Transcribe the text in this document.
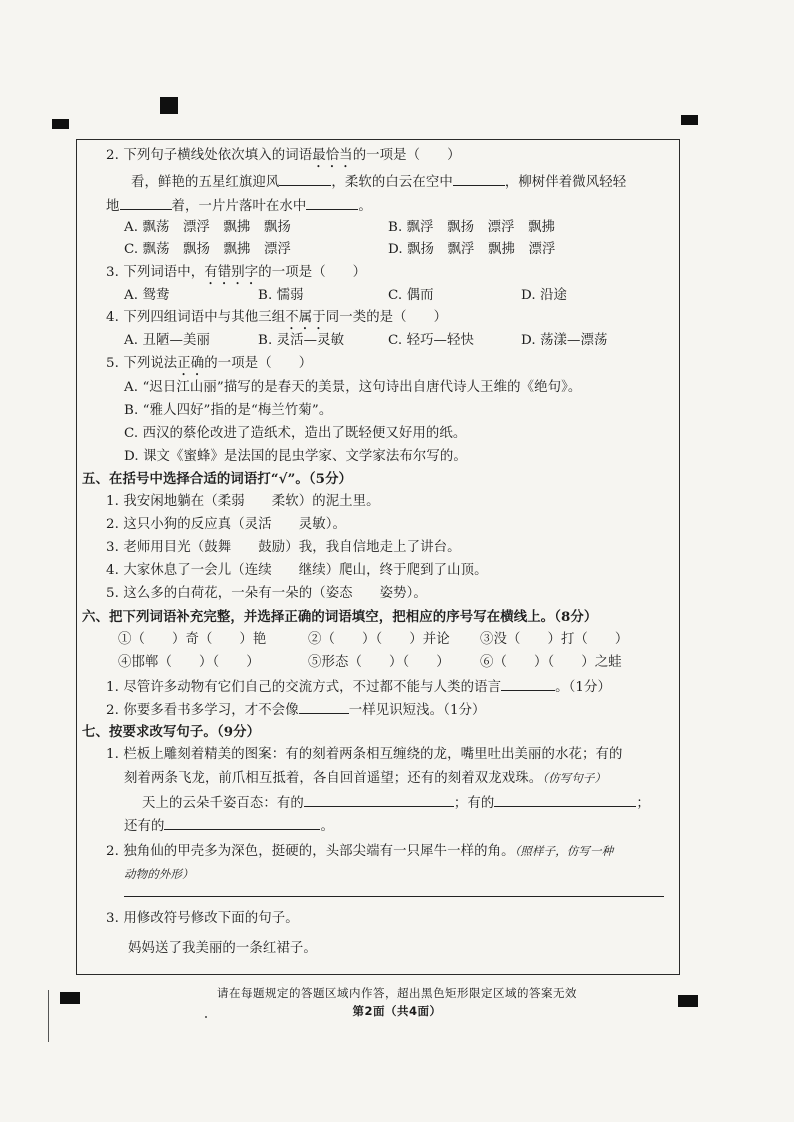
2. 下列句子横线处依次填入的词语最恰当的一项是（　　）
看，鲜艳的五星红旗迎风	，柔软的白云在空中	，柳树伴着微风轻轻
地	着，一片片落叶在水中	。
A. 飘荡　漂浮　飘拂　飘扬	B. 飘浮　飘扬　漂浮　飘拂
C. 飘荡　飘扬　飘拂　漂浮	D. 飘扬　飘浮　飘拂　漂浮
3. 下列词语中，有错别字的一项是（　　）
A. 鸳鸯	B. 懦弱	C. 偶而	D. 沿途
4. 下列四组词语中与其他三组不属于同一类的是（　　）
A. 丑陋—美丽	B. 灵活—灵敏	C. 轻巧—轻快	D. 荡漾—漂荡
5. 下列说法正确的一项是（　　）
A. “迟日江山丽”描写的是春天的美景，这句诗出自唐代诗人王维的《绝句》。
B. “雅人四好”指的是“梅兰竹菊”。
C. 西汉的蔡伦改进了造纸术，造出了既轻便又好用的纸。
D. 课文《蜜蜂》是法国的昆虫学家、文学家法布尔写的。
五、在括号中选择合适的词语打“√”。（5分）
1. 我安闲地躺在（柔弱　　柔软）的泥土里。
2. 这只小狗的反应真（灵活　　灵敏）。
3. 老师用目光（鼓舞　　鼓励）我，我自信地走上了讲台。
4. 大家休息了一会儿（连续　　继续）爬山，终于爬到了山顶。
5. 这么多的白荷花，一朵有一朵的（姿态　　姿势）。
六、把下列词语补充完整，并选择正确的词语填空，把相应的序号写在横线上。（8分）
①（　　）奇（　　）艳	②（　　）（　　）并论 ③没（　　）打（　　）
④邯郸（　　）（　　）	⑤形态（　　）（　　） ⑥（　　）（　　）之蛙
1. 尽管许多动物有它们自己的交流方式，不过都不能与人类的语言	。（1分）
2. 你要多看书多学习，才不会像	一样见识短浅。（1分）
七、按要求改写句子。（9分）
1. 栏板上雕刻着精美的图案：有的刻着两条相互缠绕的龙，嘴里吐出美丽的水花；有的
刻着两条飞龙，前爪相互抵着，各自回首遥望；还有的刻着双龙戏珠。（仿写句子）
天上的云朵千姿百态：有的	；有的	；
还有的	。
2. 独角仙的甲壳多为深色，挺硬的，头部尖端有一只犀牛一样的角。（照样子，仿写一种
动物的外形）
3. 用修改符号修改下面的句子。
妈妈送了我美丽的一条红裙子。
请在每题规定的答题区域内作答，超出黑色矩形限定区域的答案无效
第2面（共4面）
